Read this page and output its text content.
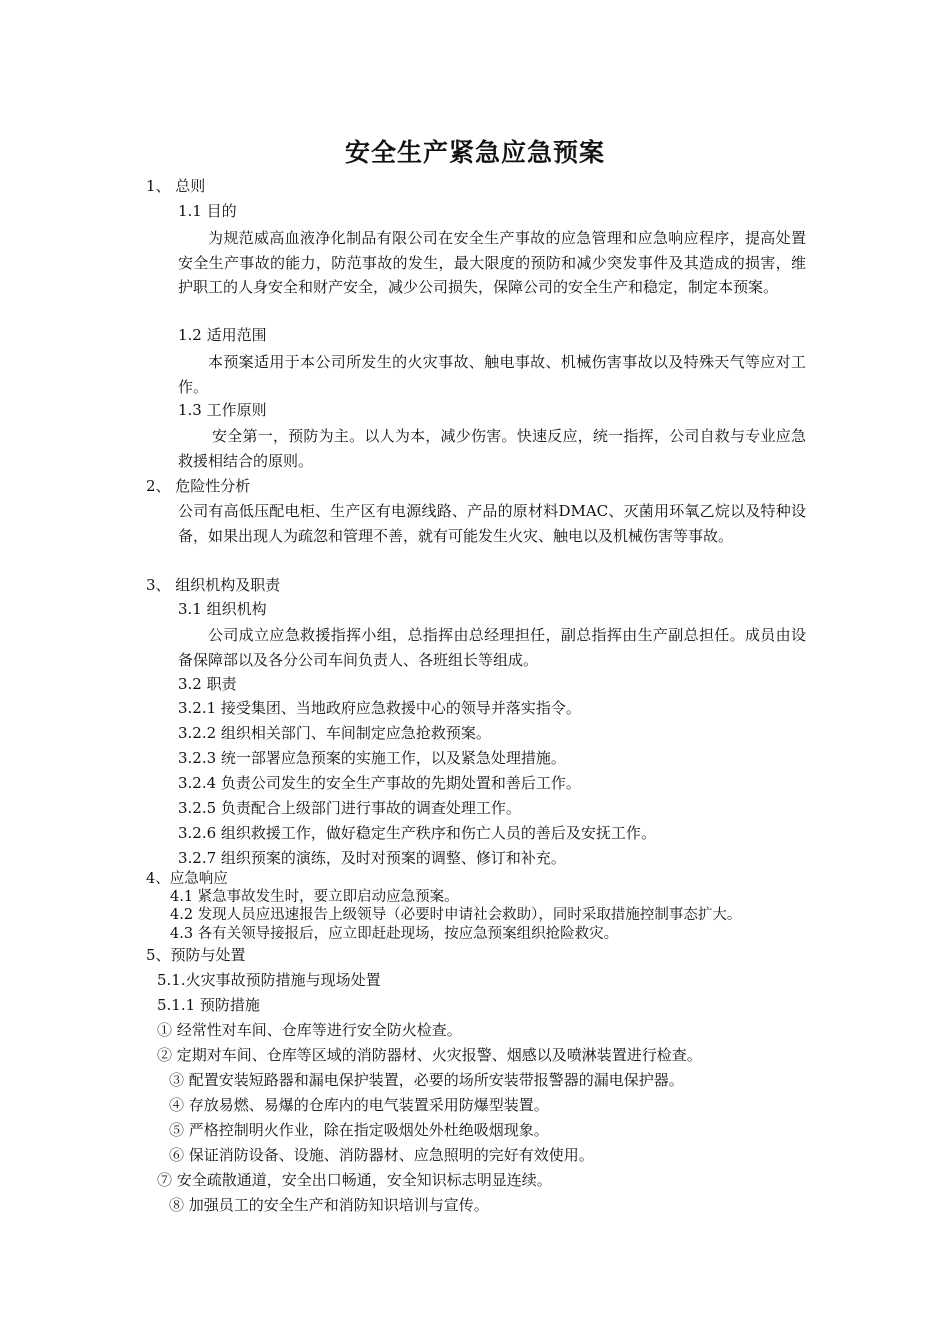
安全生产紧急应急预案
1、 总则
1.1 目的
为规范威高血液净化制品有限公司在安全生产事故的应急管理和应急响应程序，提高处置安全生产事故的能力，防范事故的发生，最大限度的预防和减少突发事件及其造成的损害，维护职工的人身安全和财产安全，减少公司损失，保障公司的安全生产和稳定，制定本预案。
1.2 适用范围
本预案适用于本公司所发生的火灾事故、触电事故、机械伤害事故以及特殊天气等应对工作。
1.3 工作原则
安全第一，预防为主。以人为本，减少伤害。快速反应，统一指挥，公司自救与专业应急救援相结合的原则。
2、 危险性分析
公司有高低压配电柜、生产区有电源线路、产品的原材料DMAC、灭菌用环氧乙烷以及特种设备，如果出现人为疏忽和管理不善，就有可能发生火灾、触电以及机械伤害等事故。
3、 组织机构及职责
3.1 组织机构
公司成立应急救援指挥小组，总指挥由总经理担任，副总指挥由生产副总担任。成员由设备保障部以及各分公司车间负责人、各班组长等组成。
3.2 职责
3.2.1 接受集团、当地政府应急救援中心的领导并落实指令。
3.2.2 组织相关部门、车间制定应急抢救预案。
3.2.3 统一部署应急预案的实施工作，以及紧急处理措施。
3.2.4 负责公司发生的安全生产事故的先期处置和善后工作。
3.2.5 负责配合上级部门进行事故的调查处理工作。
3.2.6 组织救援工作，做好稳定生产秩序和伤亡人员的善后及安抚工作。
3.2.7 组织预案的演练，及时对预案的调整、修订和补充。
4、应急响应
4.1 紧急事故发生时，要立即启动应急预案。
4.2 发现人员应迅速报告上级领导（必要时申请社会救助），同时采取措施控制事态扩大。
4.3 各有关领导接报后，应立即赶赴现场，按应急预案组织抢险救灾。
5、预防与处置
5.1.火灾事故预防措施与现场处置
5.1.1 预防措施
① 经常性对车间、仓库等进行安全防火检查。
② 定期对车间、仓库等区域的消防器材、火灾报警、烟感以及喷淋装置进行检查。
③ 配置安装短路器和漏电保护装置，必要的场所安装带报警器的漏电保护器。
④ 存放易燃、易爆的仓库内的电气装置采用防爆型装置。
⑤ 严格控制明火作业，除在指定吸烟处外杜绝吸烟现象。
⑥ 保证消防设备、设施、消防器材、应急照明的完好有效使用。
⑦ 安全疏散通道，安全出口畅通，安全知识标志明显连续。
⑧ 加强员工的安全生产和消防知识培训与宣传。
